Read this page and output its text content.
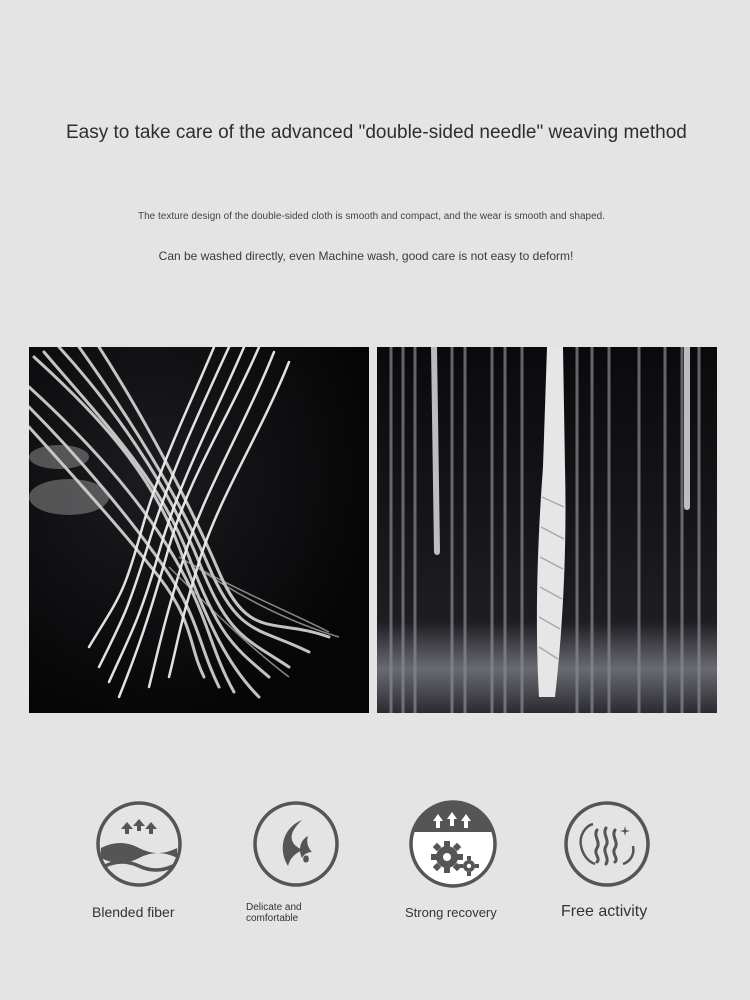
Easy to take care of the advanced "double-sided needle" weaving method

The texture design of the double-sided cloth is smooth and compact, and the wear is smooth and shaped.

Can be washed directly, even Machine wash, good care is not easy to deform!

Blended fiber	Delicate and comfortable	Strong recovery	Free activity
